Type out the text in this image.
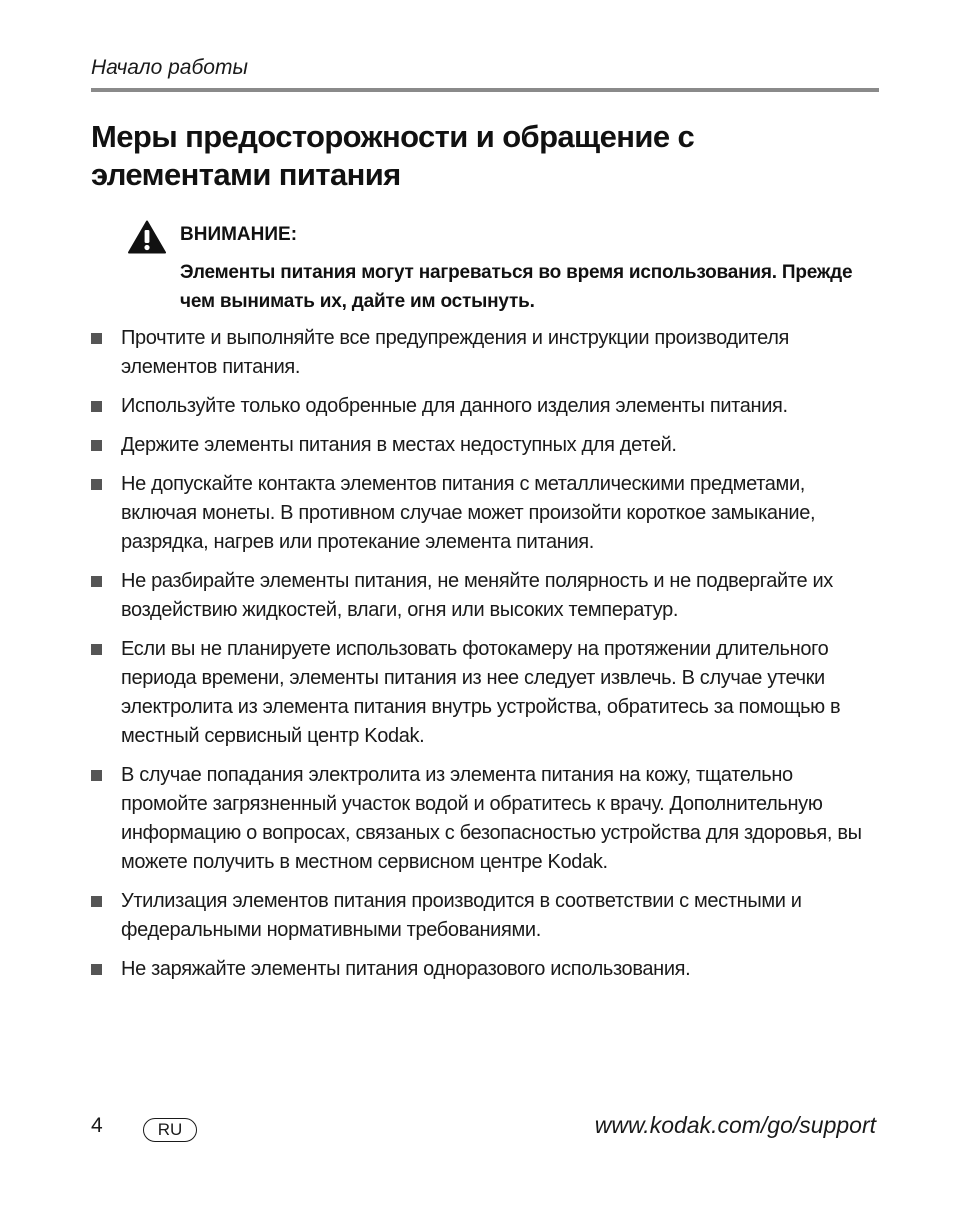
Начало работы
Меры предосторожности и обращение с элементами питания
ВНИМАНИЕ:
Элементы питания могут нагреваться во время использования. Прежде чем вынимать их, дайте им остынуть.
Прочтите и выполняйте все предупреждения и инструкции производителя элементов питания.
Используйте только одобренные для данного изделия элементы питания.
Держите элементы питания в местах недоступных для детей.
Не допускайте контакта элементов питания с металлическими предметами, включая монеты. В противном случае может произойти короткое замыкание, разрядка, нагрев или протекание элемента питания.
Не разбирайте элементы питания, не меняйте полярность и не подвергайте их воздействию жидкостей, влаги, огня или высоких температур.
Если вы не планируете использовать фотокамеру на протяжении длительного периода времени, элементы питания из нее следует извлечь. В случае утечки электролита из элемента питания внутрь устройства, обратитесь за помощью в местный сервисный центр Kodak.
В случае попадания электролита из элемента питания на кожу, тщательно промойте загрязненный участок водой и обратитесь к врачу. Дополнительную информацию о вопросах, связаных с безопасностью устройства для здоровья, вы можете получить в местном сервисном центре Kodak.
Утилизация элементов питания производится в соответствии с местными и федеральными нормативными требованиями.
Не заряжайте элементы питания одноразового использования.
4	RU	www.kodak.com/go/support
